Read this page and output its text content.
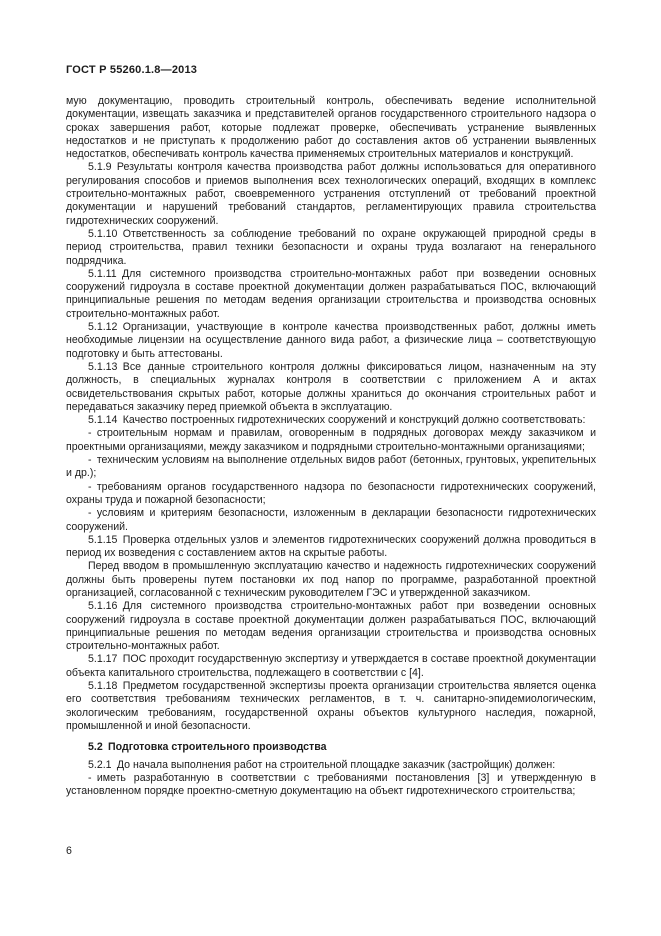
ГОСТ Р 55260.1.8—2013

мую документацию, проводить строительный контроль, обеспечивать ведение исполнительной документации, извещать заказчика и представителей органов государственного строительного надзора о сроках завершения работ, которые подлежат проверке, обеспечивать устранение выявленных недостатков и не приступать к продолжению работ до составления актов об устранении выявленных недостатков, обеспечивать контроль качества применяемых строительных материалов и конструкций.

5.1.9 Результаты контроля качества производства работ должны использоваться для оперативного регулирования способов и приемов выполнения всех технологических операций, входящих в комплекс строительно-монтажных работ, своевременного устранения отступлений от требований проектной документации и нарушений требований стандартов, регламентирующих правила строительства гидротехнических сооружений.

5.1.10 Ответственность за соблюдение требований по охране окружающей природной среды в период строительства, правил техники безопасности и охраны труда возлагают на генерального подрядчика.

5.1.11 Для системного производства строительно-монтажных работ при возведении основных сооружений гидроузла в составе проектной документации должен разрабатываться ПОС, включающий принципиальные решения по методам ведения организации строительства и производства основных строительно-монтажных работ.

5.1.12 Организации, участвующие в контроле качества производственных работ, должны иметь необходимые лицензии на осуществление данного вида работ, а физические лица – соответствующую подготовку и быть аттестованы.

5.1.13 Все данные строительного контроля должны фиксироваться лицом, назначенным на эту должность, в специальных журналах контроля в соответствии с приложением А и актах освидетельствования скрытых работ, которые должны храниться до окончания строительных работ и передаваться заказчику перед приемкой объекта в эксплуатацию.

5.1.14 Качество построенных гидротехнических сооружений и конструкций должно соответствовать:

- строительным нормам и правилам, оговоренным в подрядных договорах между заказчиком и проектными организациями, между заказчиком и подрядными строительно-монтажными организациями;

- техническим условиям на выполнение отдельных видов работ (бетонных, грунтовых, укрепительных и др.);

- требованиям органов государственного надзора по безопасности гидротехнических сооружений, охраны труда и пожарной безопасности;

- условиям и критериям безопасности, изложенным в декларации безопасности гидротехнических сооружений.

5.1.15 Проверка отдельных узлов и элементов гидротехнических сооружений должна проводиться в период их возведения с составлением актов на скрытые работы.

Перед вводом в промышленную эксплуатацию качество и надежность гидротехнических сооружений должны быть проверены путем постановки их под напор по программе, разработанной проектной организацией, согласованной с техническим руководителем ГЭС и утвержденной заказчиком.

5.1.16 Для системного производства строительно-монтажных работ при возведении основных сооружений гидроузла в составе проектной документации должен разрабатываться ПОС, включающий принципиальные решения по методам ведения организации строительства и производства основных строительно-монтажных работ.

5.1.17 ПОС проходит государственную экспертизу и утверждается в составе проектной документации объекта капитального строительства, подлежащего в соответствии с [4].

5.1.18 Предметом государственной экспертизы проекта организации строительства является оценка его соответствия требованиям технических регламентов, в т. ч. санитарно-эпидемиологическим, экологическим требованиям, государственной охраны объектов культурного наследия, пожарной, промышленной и иной безопасности.

5.2 Подготовка строительного производства

5.2.1 До начала выполнения работ на строительной площадке заказчик (застройщик) должен:

- иметь разработанную в соответствии с требованиями постановления [3] и утвержденную в установленном порядке проектно-сметную документацию на объект гидротехнического строительства;

6
